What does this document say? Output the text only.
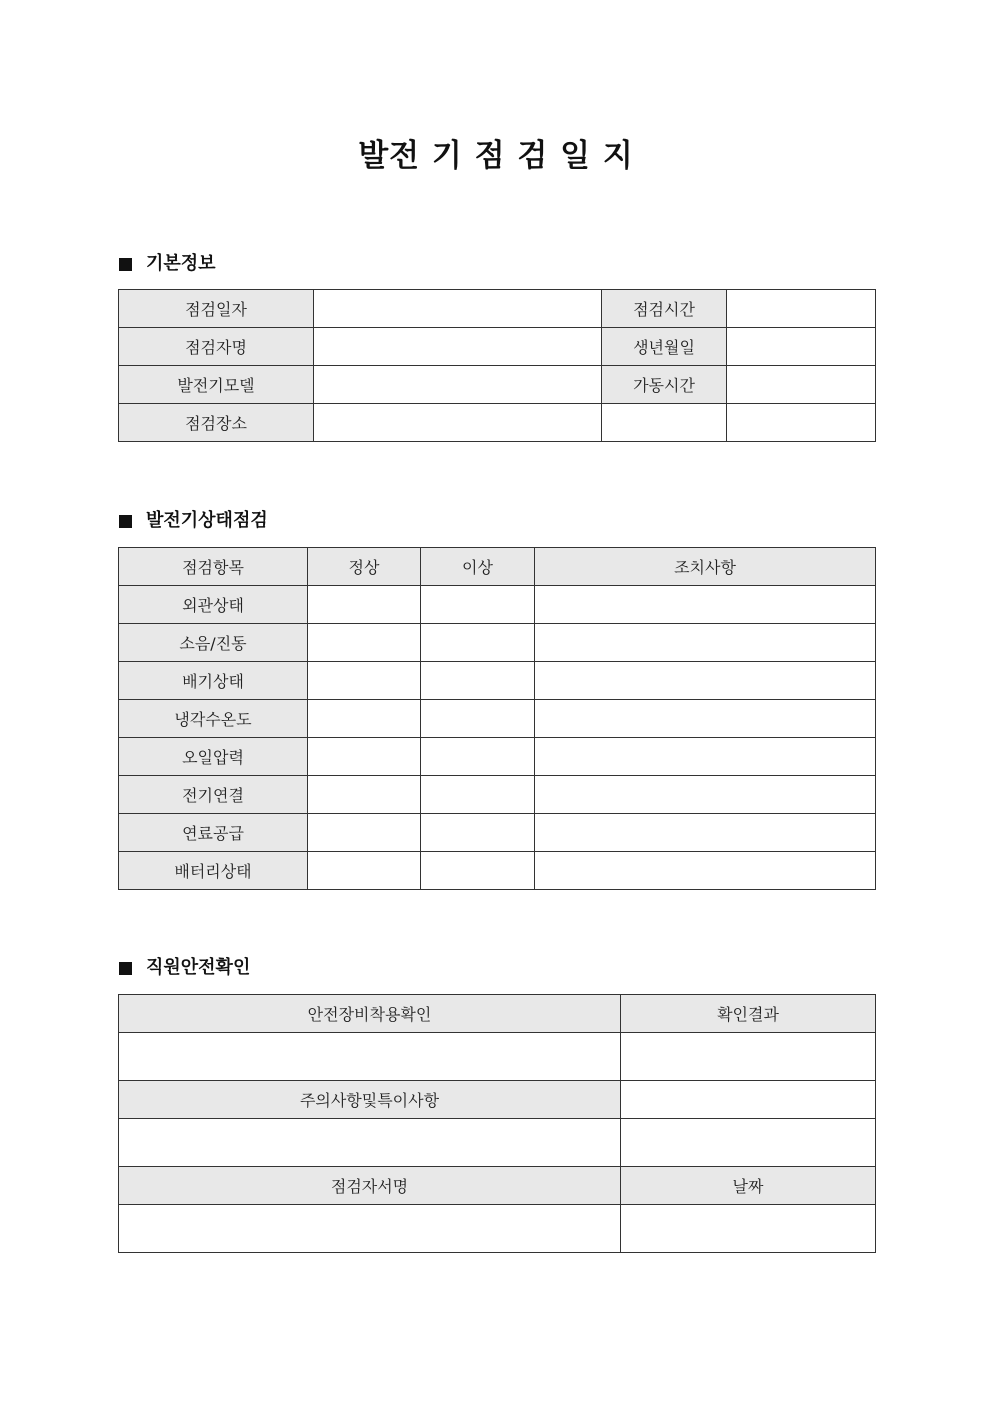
발전 기 점 검 일 지
기본정보
점검일자		점검시간	
점검자명		생년월일	
발전기모델		가동시간	
점검장소			
발전기상태점검
점검항목	정상	이상	조치사항
외관상태			
소음/진동			
배기상태			
냉각수온도			
오일압력			
전기연결			
연료공급			
배터리상태			
직원안전확인
안전장비착용확인	확인결과

주의사항및특이사항	

점검자서명	날짜
